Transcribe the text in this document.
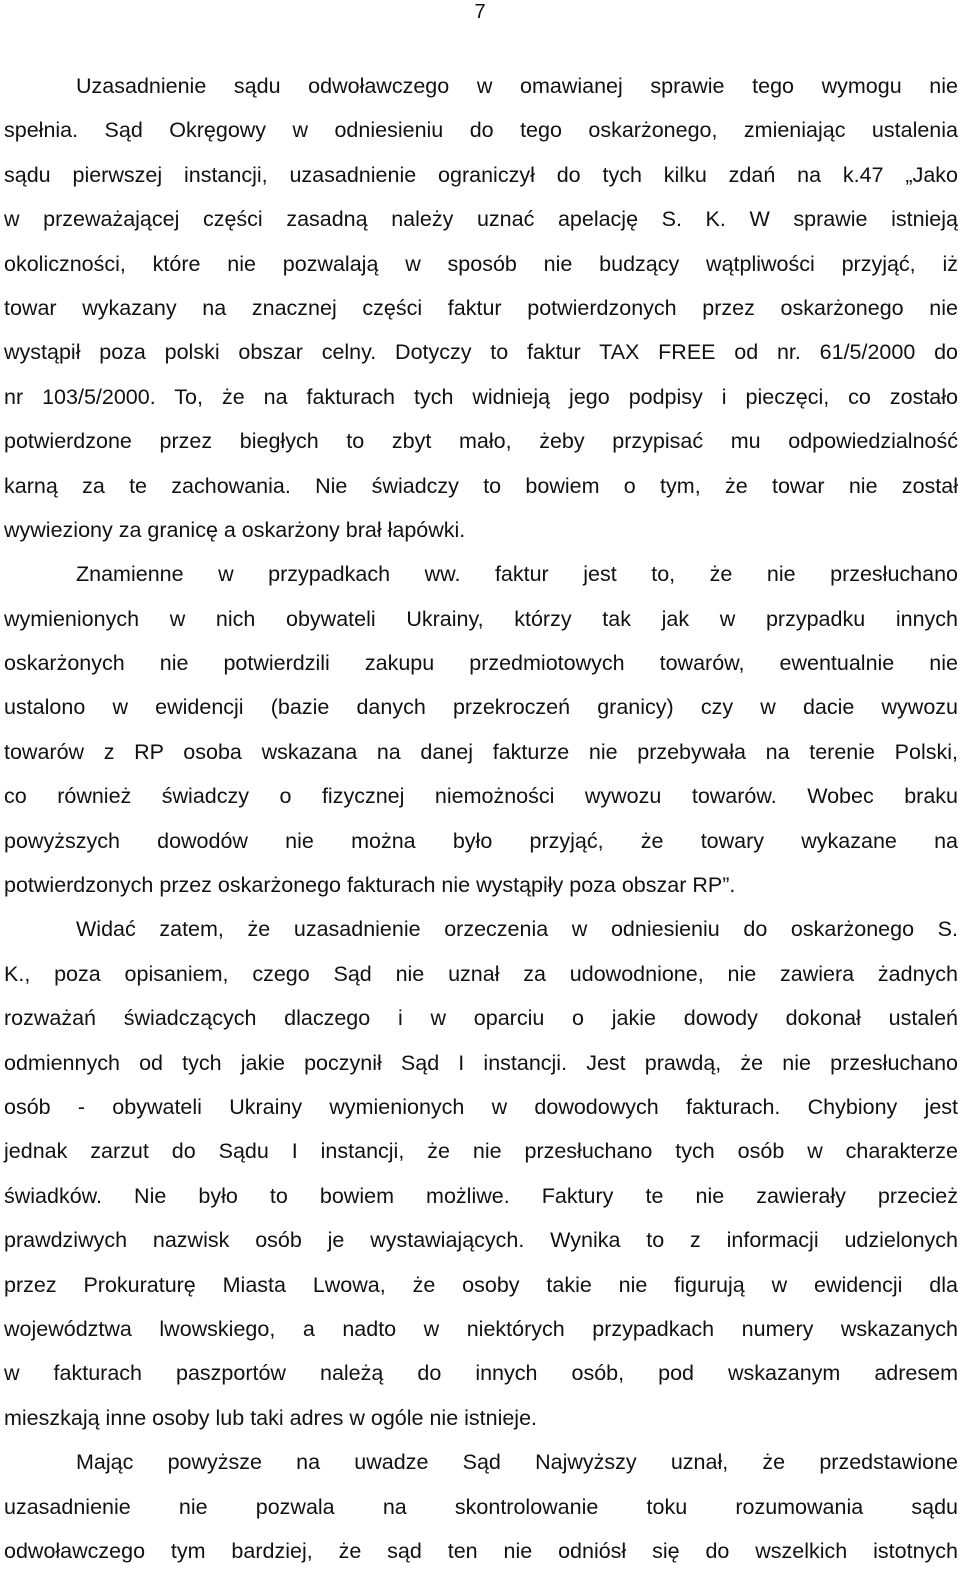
7
Uzasadnienie sądu odwoławczego w omawianej sprawie tego wymogu nie
spełnia. Sąd Okręgowy w odniesieniu do tego oskarżonego, zmieniając ustalenia
sądu pierwszej instancji, uzasadnienie ograniczył do tych kilku zdań na k.47 „Jako
w przeważającej części zasadną należy uznać apelację S. K. W sprawie istnieją
okoliczności, które nie pozwalają w sposób nie budzący wątpliwości przyjąć, iż
towar wykazany na znacznej części faktur potwierdzonych przez oskarżonego nie
wystąpił poza polski obszar celny. Dotyczy to faktur TAX FREE od nr. 61/5/2000 do
nr 103/5/2000. To, że na fakturach tych widnieją jego podpisy i pieczęci, co zostało
potwierdzone przez biegłych to zbyt mało, żeby przypisać mu odpowiedzialność
karną za te zachowania. Nie świadczy to bowiem o tym, że towar nie został
wywieziony za granicę a oskarżony brał łapówki.
Znamienne w przypadkach ww. faktur jest to, że nie przesłuchano
wymienionych w nich obywateli Ukrainy, którzy tak jak w przypadku innych
oskarżonych nie potwierdzili zakupu przedmiotowych towarów, ewentualnie nie
ustalono w ewidencji (bazie danych przekroczeń granicy) czy w dacie wywozu
towarów z RP osoba wskazana na danej fakturze nie przebywała na terenie Polski,
co również świadczy o fizycznej niemożności wywozu towarów. Wobec braku
powyższych dowodów nie można było przyjąć, że towary wykazane na
potwierdzonych przez oskarżonego fakturach nie wystąpiły poza obszar RP”.
Widać zatem, że uzasadnienie orzeczenia w odniesieniu do oskarżonego S.
K., poza opisaniem, czego Sąd nie uznał za udowodnione, nie zawiera żadnych
rozważań świadczących dlaczego i w oparciu o jakie dowody dokonał ustaleń
odmiennych od tych jakie poczynił Sąd I instancji. Jest prawdą, że nie przesłuchano
osób - obywateli Ukrainy wymienionych w dowodowych fakturach. Chybiony jest
jednak zarzut do Sądu I instancji, że nie przesłuchano tych osób w charakterze
świadków. Nie było to bowiem możliwe. Faktury te nie zawierały przecież
prawdziwych nazwisk osób je wystawiających. Wynika to z informacji udzielonych
przez Prokuraturę Miasta Lwowa, że osoby takie nie figurują w ewidencji dla
województwa lwowskiego, a nadto w niektórych przypadkach numery wskazanych
w fakturach paszportów należą do innych osób, pod wskazanym adresem
mieszkają inne osoby lub taki adres w ogóle nie istnieje.
Mając powyższe na uwadze Sąd Najwyższy uznał, że przedstawione
uzasadnienie nie pozwala na skontrolowanie toku rozumowania sądu
odwoławczego tym bardziej, że sąd ten nie odniósł się do wszelkich istotnych
